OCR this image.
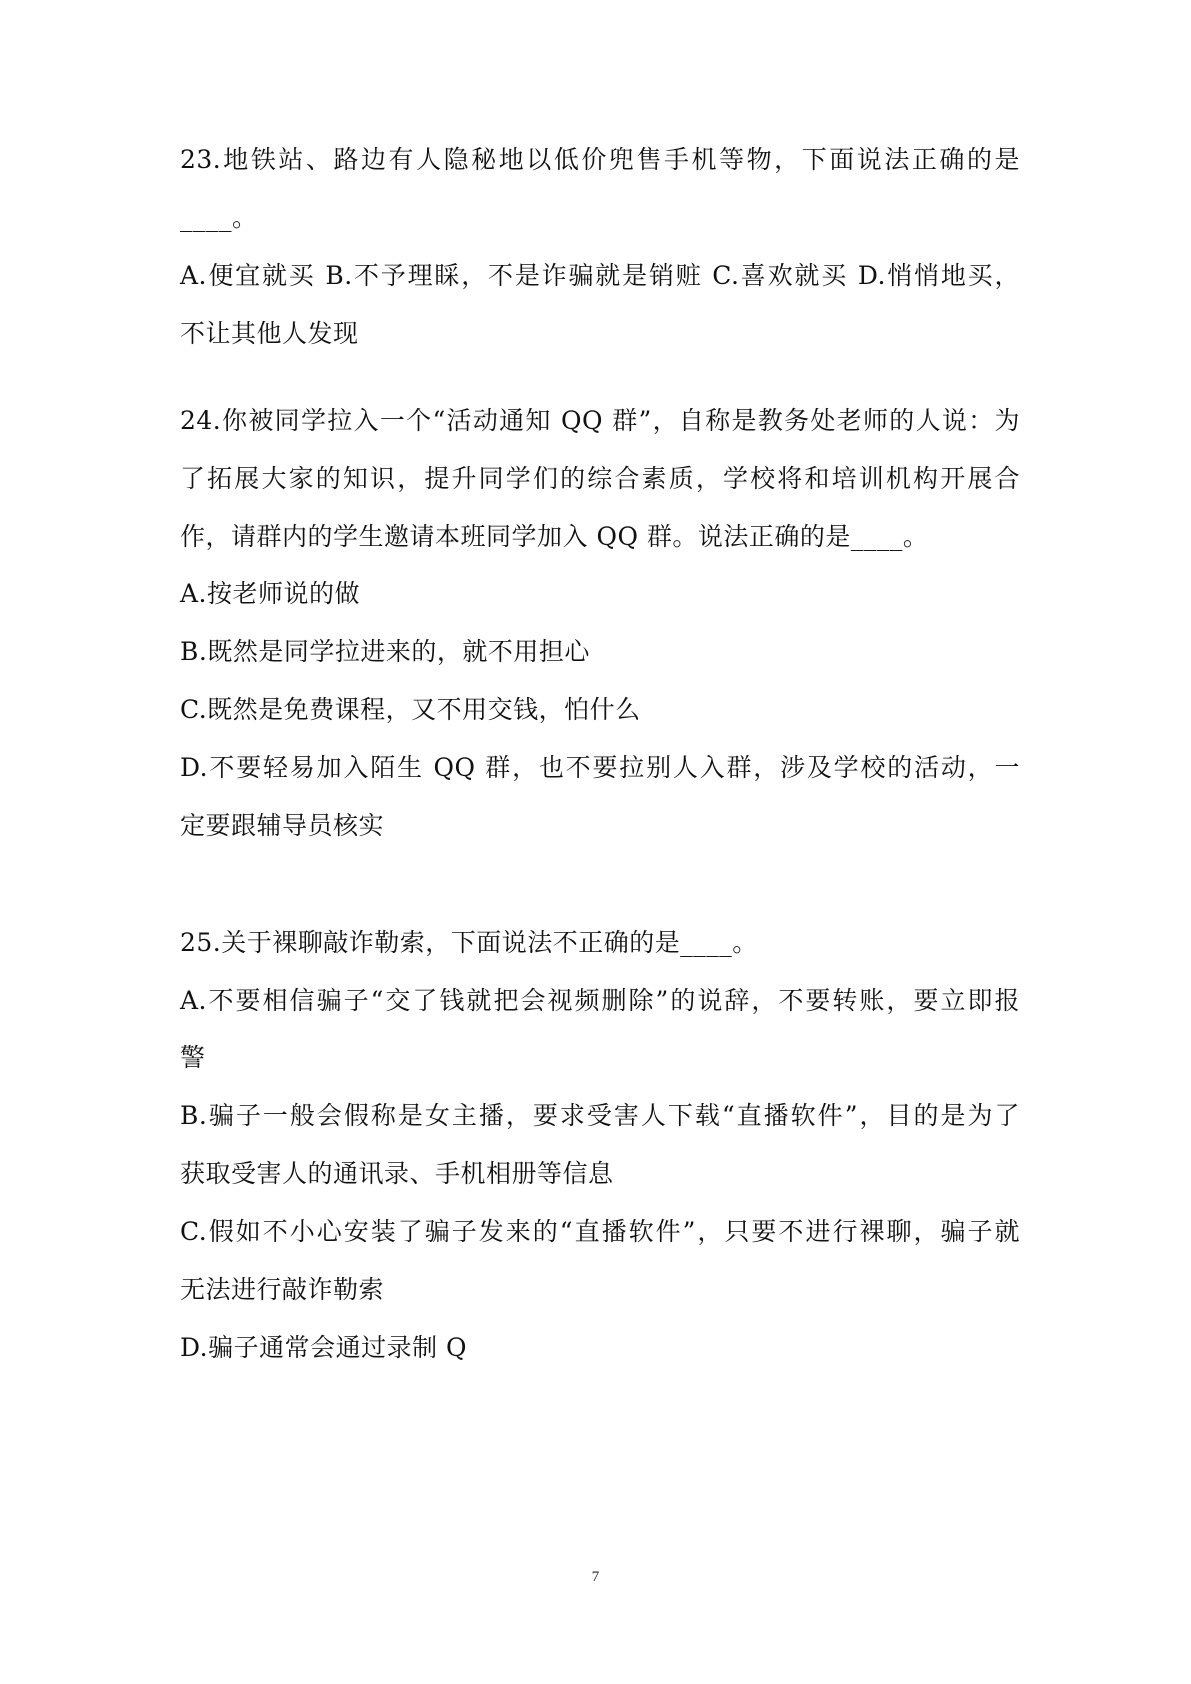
23.地铁站、路边有人隐秘地以低价兜售手机等物，下面说法正确的是
____。
A.便宜就买 B.不予理睬，不是诈骗就是销赃 C.喜欢就买 D.悄悄地买，
不让其他人发现
24.你被同学拉入一个“活动通知 QQ 群”，自称是教务处老师的人说：为
了拓展大家的知识，提升同学们的综合素质，学校将和培训机构开展合
作，请群内的学生邀请本班同学加入 QQ 群。说法正确的是____。
A.按老师说的做
B.既然是同学拉进来的，就不用担心
C.既然是免费课程，又不用交钱，怕什么
D.不要轻易加入陌生 QQ 群，也不要拉别人入群，涉及学校的活动，一
定要跟辅导员核实
25.关于裸聊敲诈勒索，下面说法不正确的是____。
A.不要相信骗子“交了钱就把会视频删除”的说辞，不要转账，要立即报
警
B.骗子一般会假称是女主播，要求受害人下载“直播软件”，目的是为了
获取受害人的通讯录、手机相册等信息
C.假如不小心安装了骗子发来的“直播软件”，只要不进行裸聊，骗子就
无法进行敲诈勒索
D.骗子通常会通过录制 Q
7
